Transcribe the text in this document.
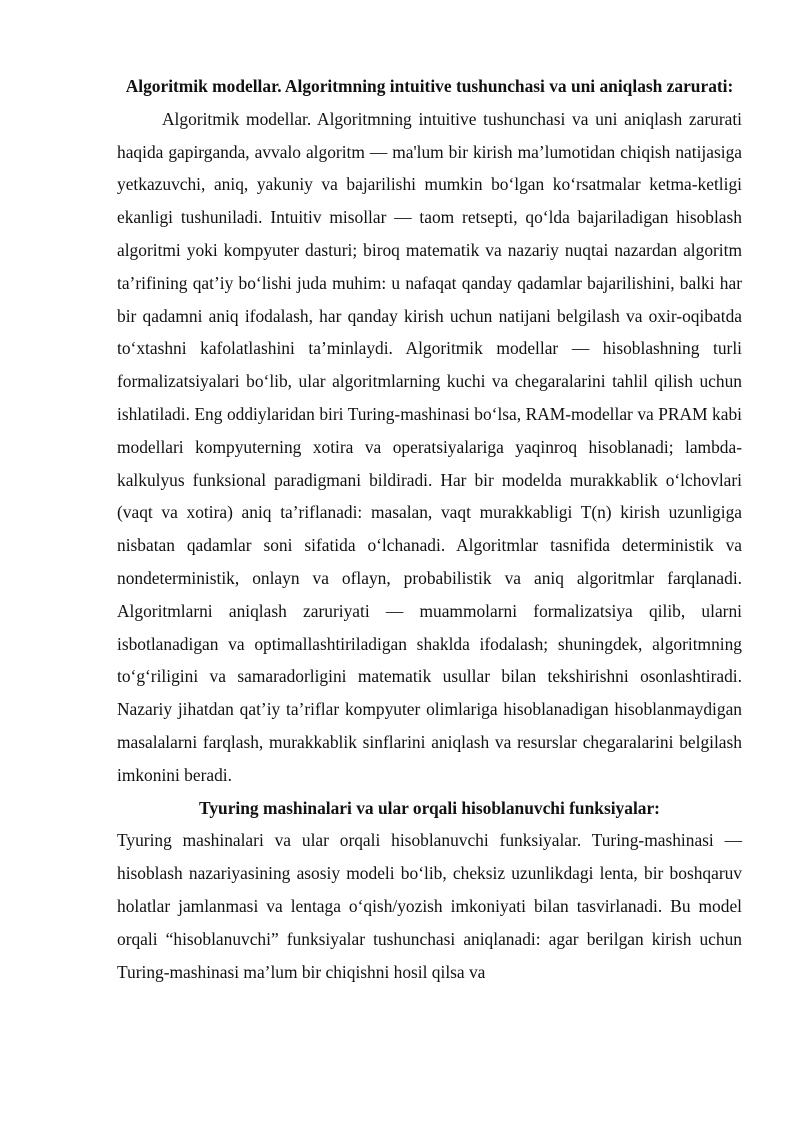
Algoritmik modellar. Algoritmning intuitive tushunchasi va uni aniqlash zarurati:

Algoritmik modellar. Algoritmning intuitive tushunchasi va uni aniqlash zarurati haqida gapirganda, avvalo algoritm — ma'lum bir kirish maʼlumotidan chiqish natijasiga yetkazuvchi, aniq, yakuniy va bajarilishi mumkin boʻlgan koʻrsatmalar ketma-ketligi ekanligi tushuniladi. Intuitiv misollar — taom retsepti, qoʻlda bajariladigan hisoblash algoritmi yoki kompyuter dasturi; biroq matematik va nazariy nuqtai nazardan algoritm taʼrifining qatʼiy boʻlishi juda muhim: u nafaqat qanday qadamlar bajarilishini, balki har bir qadamni aniq ifodalash, har qanday kirish uchun natijani belgilash va oxir-oqibatda toʻxtashni kafolatlashini taʼminlaydi. Algoritmik modellar — hisoblashning turli formalizatsiyalari boʻlib, ular algoritmlarning kuchi va chegaralarini tahlil qilish uchun ishlatiladi. Eng oddiylaridan biri Turing-mashinasi boʻlsa, RAM-modellar va PRAM kabi modellari kompyuterning xotira va operatsiyalariga yaqinroq hisoblanadi; lambda-kalkulyus funksional paradigmani bildiradi. Har bir modelda murakkablik oʻlchovlari (vaqt va xotira) aniq taʼriflanadi: masalan, vaqt murakkabligi T(n) kirish uzunligiga nisbatan qadamlar soni sifatida oʻlchanadi. Algoritmlar tasnifida deterministik va nondeterministik, onlayn va oflayn, probabilistik va aniq algoritmlar farqlanadi. Algoritmlarni aniqlash zaruriyati — muammolarni formalizatsiya qilib, ularni isbotlanadigan va optimallashtiriladigan shaklda ifodalash; shuningdek, algoritmning toʻgʻriligini va samaradorligini matematik usullar bilan tekshirishni osonlashtiradi. Nazariy jihatdan qatʼiy taʼriflar kompyuter olimlariga hisoblanadigan hisoblanmaydigan masalalarni farqlash, murakkablik sinflarini aniqlash va resurslar chegaralarini belgilash imkonini beradi.

Tyuring mashinalari va ular orqali hisoblanuvchi funksiyalar:

Tyuring mashinalari va ular orqali hisoblanuvchi funksiyalar. Turing-mashinasi — hisoblash nazariyasining asosiy modeli boʻlib, cheksiz uzunlikdagi lenta, bir boshqaruv holatlar jamlanmasi va lentaga oʻqish/yozish imkoniyati bilan tasvirlanadi. Bu model orqali “hisoblanuvchi” funksiyalar tushunchasi aniqlanadi: agar berilgan kirish uchun Turing-mashinasi maʼlum bir chiqishni hosil qilsa va
